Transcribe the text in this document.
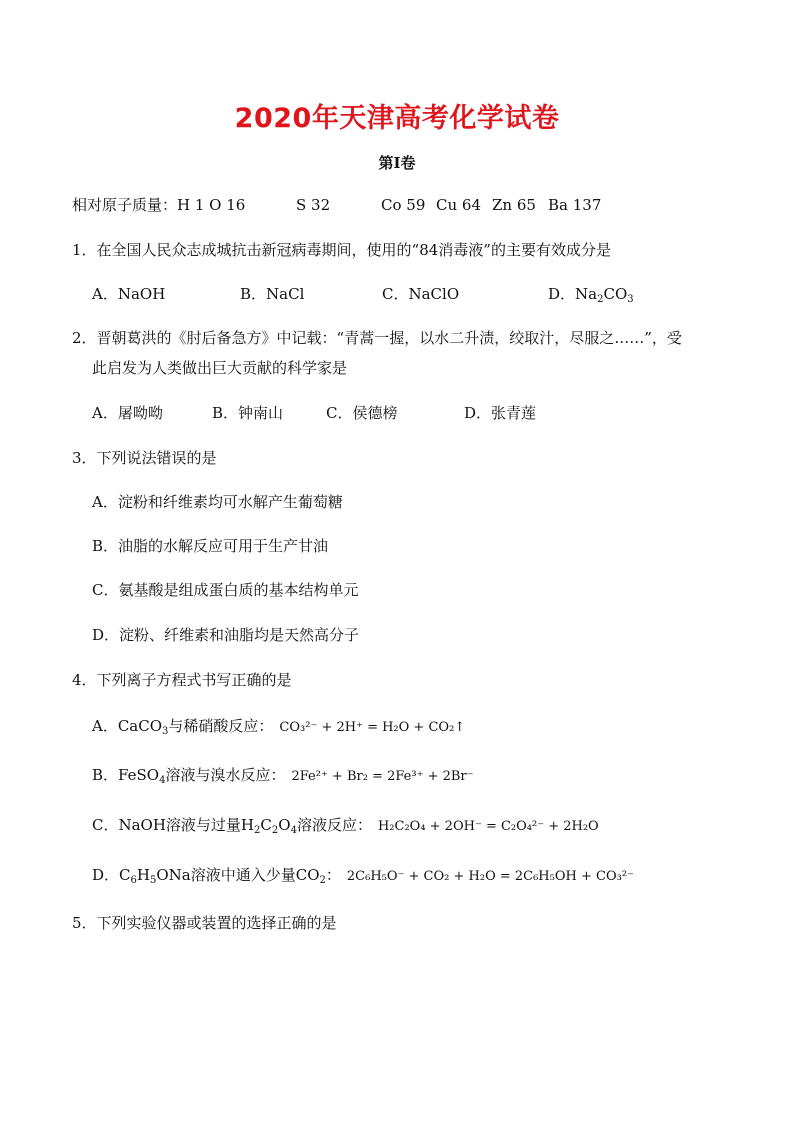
2020年天津高考化学试卷
第Ⅰ卷
相对原子质量：H 1 O 16	S 32	Co 59 Cu 64 Zn 65 Ba 137
1．在全国人民众志成城抗击新冠病毒期间，使用的“84消毒液”的主要有效成分是
A．NaOH	B．NaCl	C．NaClO	D．$Na_2CO_3$
2．晋朝葛洪的《肘后备急方》中记载：“青蒿一握，以水二升渍，绞取汁，尽服之……”，受
此启发为人类做出巨大贡献的科学家是
A．屠呦呦	B．钟南山	C．侯德榜	D．张青莲
3．下列说法错误的是
A．淀粉和纤维素均可水解产生葡萄糖
B．油脂的水解反应可用于生产甘油
C．氨基酸是组成蛋白质的基本结构单元
D．淀粉、纤维素和油脂均是天然高分子
4．下列离子方程式书写正确的是
A．CaCO$_3$与稀硝酸反应： CO₃²⁻ + 2H⁺ = H₂O + CO₂↑
B．FeSO$_4$溶液与溴水反应： 2Fe²⁺ + Br₂ = 2Fe³⁺ + 2Br⁻
C．NaOH溶液与过量$H_2C_2O_4$溶液反应： H₂C₂O₄ + 2OH⁻ = C₂O₄²⁻ + 2H₂O
D．$C_6H_5ONa$溶液中通入少量$CO_2$： 2C₆H₅O⁻ + CO₂ + H₂O = 2C₆H₅OH + CO₃²⁻
5．下列实验仪器或装置的选择正确的是
